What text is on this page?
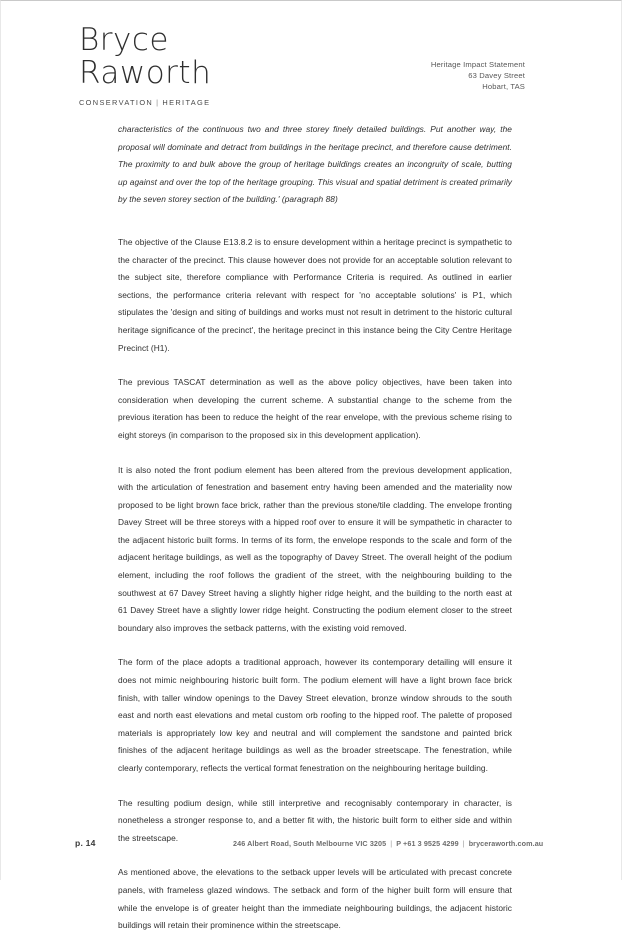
Bryce
Raworth
CONSERVATION | HERITAGE
Heritage Impact Statement
63 Davey Street
Hobart, TAS

characteristics of the continuous two and three storey finely detailed buildings. Put another way, the proposal will dominate and detract from buildings in the heritage precinct, and therefore cause detriment. The proximity to and bulk above the group of heritage buildings creates an incongruity of scale, butting up against and over the top of the heritage grouping. This visual and spatial detriment is created primarily by the seven storey section of the building.' (paragraph 88)

The objective of the Clause E13.8.2 is to ensure development within a heritage precinct is sympathetic to the character of the precinct. This clause however does not provide for an acceptable solution relevant to the subject site, therefore compliance with Performance Criteria is required. As outlined in earlier sections, the performance criteria relevant with respect for 'no acceptable solutions' is P1, which stipulates the 'design and siting of buildings and works must not result in detriment to the historic cultural heritage significance of the precinct', the heritage precinct in this instance being the City Centre Heritage Precinct (H1).

The previous TASCAT determination as well as the above policy objectives, have been taken into consideration when developing the current scheme. A substantial change to the scheme from the previous iteration has been to reduce the height of the rear envelope, with the previous scheme rising to eight storeys (in comparison to the proposed six in this development application).

It is also noted the front podium element has been altered from the previous development application, with the articulation of fenestration and basement entry having been amended and the materiality now proposed to be light brown face brick, rather than the previous stone/tile cladding. The envelope fronting Davey Street will be three storeys with a hipped roof over to ensure it will be sympathetic in character to the adjacent historic built forms. In terms of its form, the envelope responds to the scale and form of the adjacent heritage buildings, as well as the topography of Davey Street. The overall height of the podium element, including the roof follows the gradient of the street, with the neighbouring building to the southwest at 67 Davey Street having a slightly higher ridge height, and the building to the north east at 61 Davey Street have a slightly lower ridge height. Constructing the podium element closer to the street boundary also improves the setback patterns, with the existing void removed.

The form of the place adopts a traditional approach, however its contemporary detailing will ensure it does not mimic neighbouring historic built form. The podium element will have a light brown face brick finish, with taller window openings to the Davey Street elevation, bronze window shrouds to the south east and north east elevations and metal custom orb roofing to the hipped roof. The palette of proposed materials is appropriately low key and neutral and will complement the sandstone and painted brick finishes of the adjacent heritage buildings as well as the broader streetscape. The fenestration, while clearly contemporary, reflects the vertical format fenestration on the neighbouring heritage building.

The resulting podium design, while still interpretive and recognisably contemporary in character, is nonetheless a stronger response to, and a better fit with, the historic built form to either side and within the streetscape.

As mentioned above, the elevations to the setback upper levels will be articulated with precast concrete panels, with frameless glazed windows. The setback and form of the higher built form will ensure that while the envelope is of greater height than the immediate neighbouring buildings, the adjacent historic buildings will retain their prominence within the streetscape.

p. 14	246 Albert Road, South Melbourne VIC 3205 | P +61 3 9525 4299 | bryceraworth.com.au
